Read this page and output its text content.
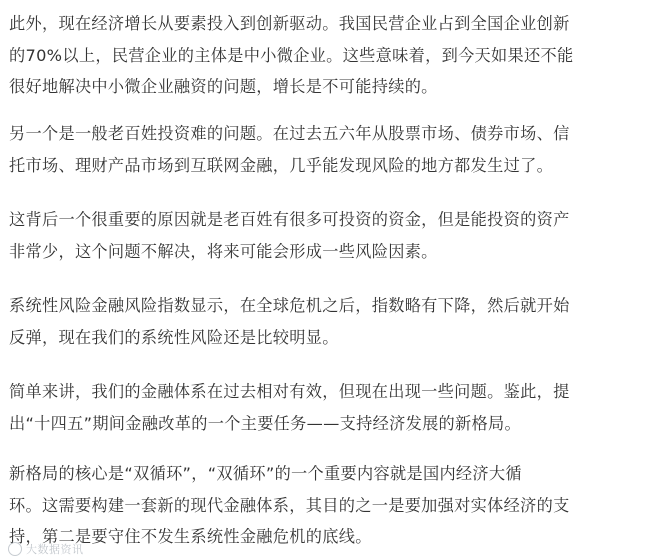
此外，现在经济增长从要素投入到创新驱动。我国民营企业占到全国企业创新
的70%以上，民营企业的主体是中小微企业。这些意味着，到今天如果还不能
很好地解决中小微企业融资的问题，增长是不可能持续的。

另一个是一般老百姓投资难的问题。在过去五六年从股票市场、债券市场、信
托市场、理财产品市场到互联网金融，几乎能发现风险的地方都发生过了。

这背后一个很重要的原因就是老百姓有很多可投资的资金，但是能投资的资产
非常少，这个问题不解决，将来可能会形成一些风险因素。

系统性风险金融风险指数显示，在全球危机之后，指数略有下降，然后就开始
反弹，现在我们的系统性风险还是比较明显。

简单来讲，我们的金融体系在过去相对有效，但现在出现一些问题。鉴此，提
出“十四五”期间金融改革的一个主要任务——支持经济发展的新格局。

新格局的核心是“双循环”，“双循环”的一个重要内容就是国内经济大循
环。这需要构建一套新的现代金融体系，其目的之一是要加强对实体经济的支
持，第二是要守住不发生系统性金融危机的底线。

大数据资讯
